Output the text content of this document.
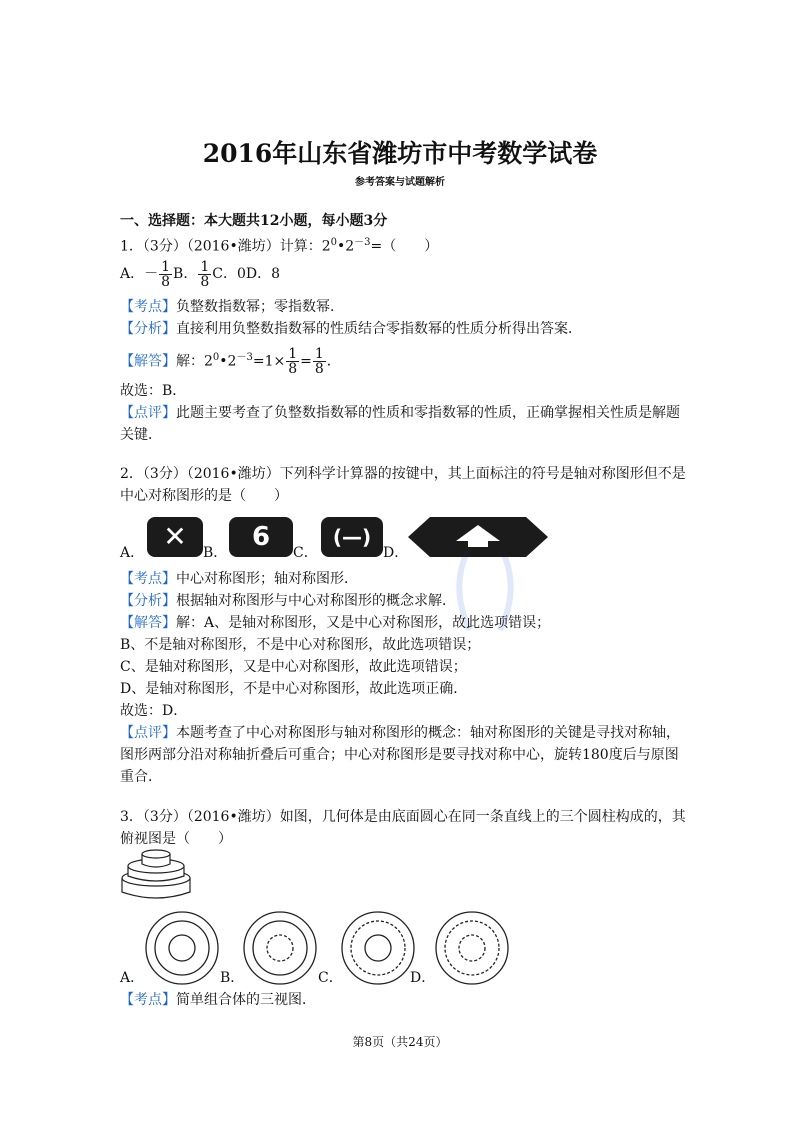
2016年山东省潍坊市中考数学试卷
参考答案与试题解析
一、选择题：本大题共12小题，每小题3分
1．（3分）（2016•潍坊）计算：$2^0•2^{-3}=$（　　）
A．－ $\frac{1}{8}$ B． $\frac{1}{8}$ C．0D．8
【考点】负整数指数幂；零指数幂．
【分析】直接利用负整数指数幂的性质结合零指数幂的性质分析得出答案．
【解答】解：$2^0•2^{-3}=1\times \frac{1}{8} = \frac{1}{8}$ ．
故选：B．
【点评】此题主要考查了负整数指数幂的性质和零指数幂的性质，正确掌握相关性质是解题
关键．
2．（3分）（2016•潍坊）下列科学计算器的按键中，其上面标注的符号是轴对称图形但不是
中心对称图形的是（　　）
A． ✕	B．
6
C．
(—)
D．
【考点】中心对称图形；轴对称图形．
【分析】根据轴对称图形与中心对称图形的概念求解．
【解答】解：A、是轴对称图形，又是中心对称图形，故此选项错误；
B、不是轴对称图形，不是中心对称图形，故此选项错误；
C、是轴对称图形，又是中心对称图形，故此选项错误；
D、是轴对称图形，不是中心对称图形，故此选项正确．
故选：D．
【点评】本题考查了中心对称图形与轴对称图形的概念：轴对称图形的关键是寻找对称轴，
图形两部分沿对称轴折叠后可重合；中心对称图形是要寻找对称中心，旋转180度后与原图
重合．
3．（3分）（2016•潍坊）如图，几何体是由底面圆心在同一条直线上的三个圆柱构成的，其
俯视图是（　　）
A．	B．	C．	D．
【考点】简单组合体的三视图．
第8页（共24页）
